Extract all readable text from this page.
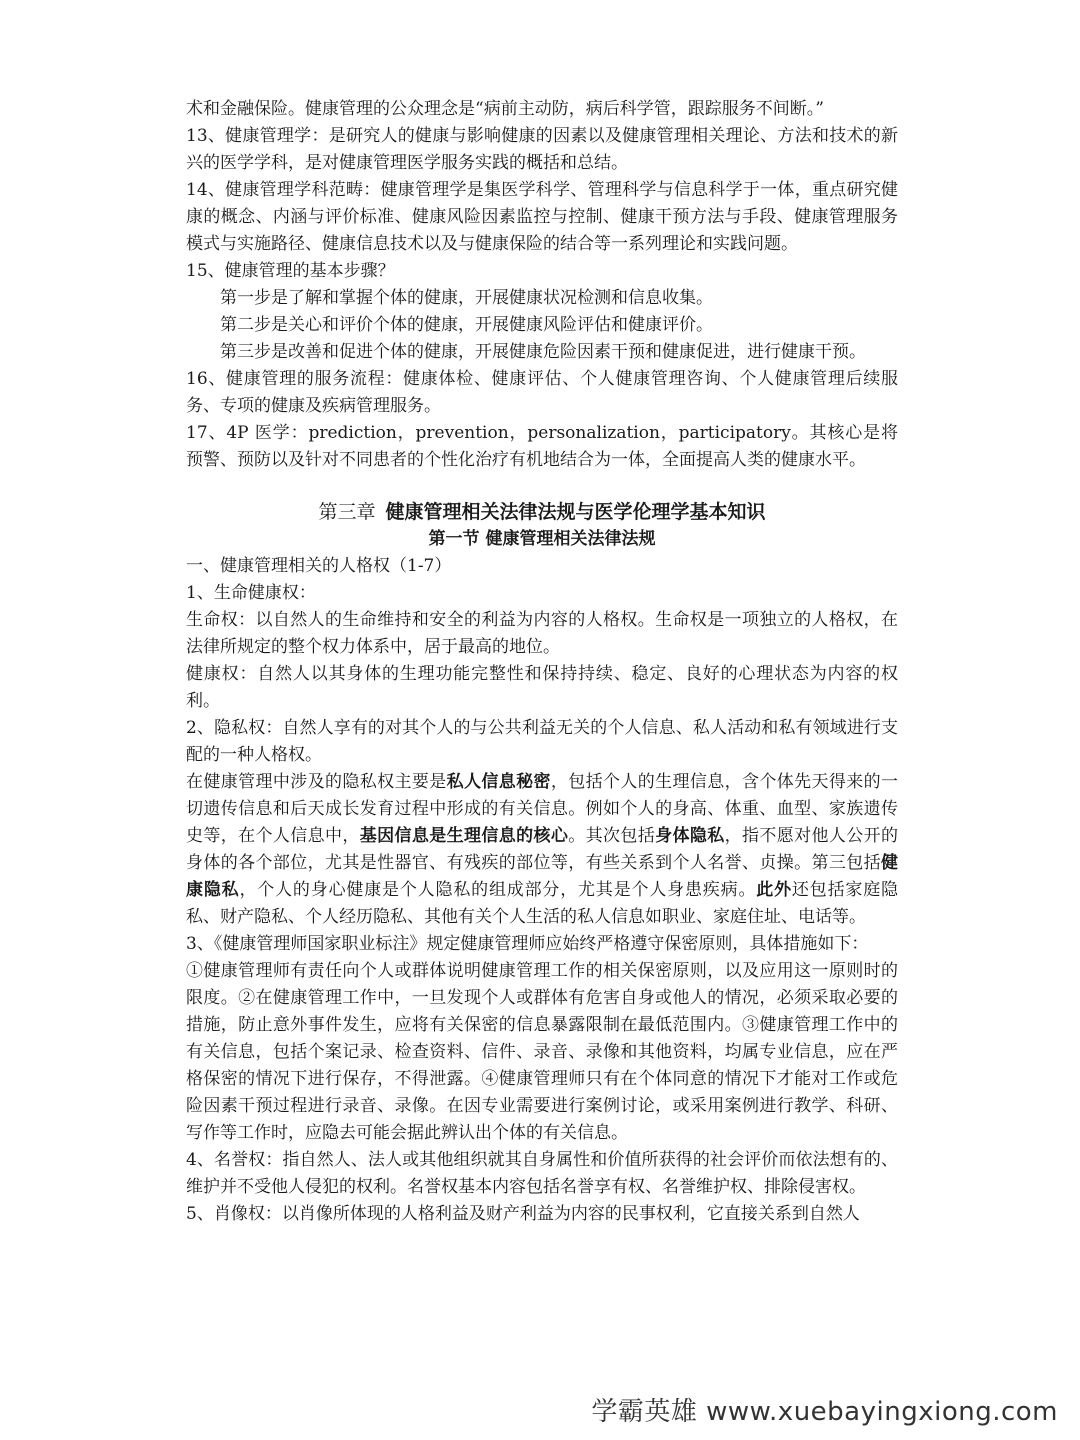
术和金融保险。健康管理的公众理念是“病前主动防，病后科学管，跟踪服务不间断。”

13、健康管理学：是研究人的健康与影响健康的因素以及健康管理相关理论、方法和技术的新兴的医学学科，是对健康管理医学服务实践的概括和总结。

14、健康管理学科范畴：健康管理学是集医学科学、管理科学与信息科学于一体，重点研究健康的概念、内涵与评价标准、健康风险因素监控与控制、健康干预方法与手段、健康管理服务模式与实施路径、健康信息技术以及与健康保险的结合等一系列理论和实践问题。

15、健康管理的基本步骤？

第一步是了解和掌握个体的健康，开展健康状况检测和信息收集。

第二步是关心和评价个体的健康，开展健康风险评估和健康评价。

第三步是改善和促进个体的健康，开展健康危险因素干预和健康促进，进行健康干预。

16、健康管理的服务流程：健康体检、健康评估、个人健康管理咨询、个人健康管理后续服务、专项的健康及疾病管理服务。

17、4P 医学：prediction，prevention，personalization，participatory。其核心是将预警、预防以及针对不同患者的个性化治疗有机地结合为一体，全面提高人类的健康水平。

第三章 健康管理相关法律法规与医学伦理学基本知识

第一节 健康管理相关法律法规

一、健康管理相关的人格权（1-7）

1、生命健康权：

生命权：以自然人的生命维持和安全的利益为内容的人格权。生命权是一项独立的人格权，在法律所规定的整个权力体系中，居于最高的地位。

健康权：自然人以其身体的生理功能完整性和保持持续、稳定、良好的心理状态为内容的权利。

2、隐私权：自然人享有的对其个人的与公共利益无关的个人信息、私人活动和私有领域进行支配的一种人格权。

在健康管理中涉及的隐私权主要是私人信息秘密，包括个人的生理信息，含个体先天得来的一切遗传信息和后天成长发育过程中形成的有关信息。例如个人的身高、体重、血型、家族遗传史等，在个人信息中，基因信息是生理信息的核心。其次包括身体隐私，指不愿对他人公开的身体的各个部位，尤其是性器官、有残疾的部位等，有些关系到个人名誉、贞操。第三包括健康隐私，个人的身心健康是个人隐私的组成部分，尤其是个人身患疾病。此外还包括家庭隐私、财产隐私、个人经历隐私、其他有关个人生活的私人信息如职业、家庭住址、电话等。

3、《健康管理师国家职业标注》规定健康管理师应始终严格遵守保密原则，具体措施如下：

①健康管理师有责任向个人或群体说明健康管理工作的相关保密原则，以及应用这一原则时的限度。②在健康管理工作中，一旦发现个人或群体有危害自身或他人的情况，必须采取必要的措施，防止意外事件发生，应将有关保密的信息暴露限制在最低范围内。③健康管理工作中的有关信息，包括个案记录、检查资料、信件、录音、录像和其他资料，均属专业信息，应在严格保密的情况下进行保存，不得泄露。④健康管理师只有在个体同意的情况下才能对工作或危险因素干预过程进行录音、录像。在因专业需要进行案例讨论，或采用案例进行教学、科研、写作等工作时，应隐去可能会据此辨认出个体的有关信息。

4、名誉权：指自然人、法人或其他组织就其自身属性和价值所获得的社会评价而依法想有的、维护并不受他人侵犯的权利。名誉权基本内容包括名誉享有权、名誉维护权、排除侵害权。

5、肖像权：以肖像所体现的人格利益及财产利益为内容的民事权利，它直接关系到自然人

学霸英雄 www.xuebayingxiong.com
